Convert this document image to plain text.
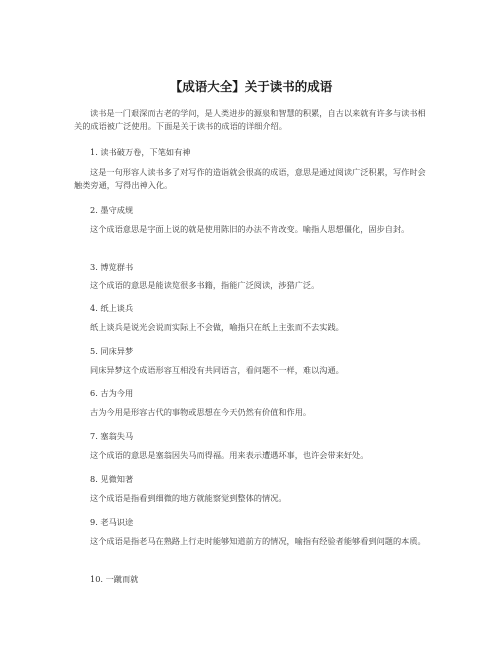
【成语大全】关于读书的成语

读书是一门艰深而古老的学问，是人类进步的源泉和智慧的积累，自古以来就有许多与读书相关的成语被广泛使用。下面是关于读书的成语的详细介绍。

1. 读书破万卷，下笔如有神

这是一句形容人读书多了对写作的造诣就会很高的成语，意思是通过阅读广泛积累，写作时会触类旁通，写得出神入化。

2. 墨守成规

这个成语意思是字面上说的就是使用陈旧的办法不肯改变。喻指人思想僵化，固步自封。

3. 博览群书

这个成语的意思是能读览很多书籍，指能广泛阅读，涉猎广泛。

4. 纸上谈兵

纸上谈兵是说光会说而实际上不会做，喻指只在纸上主张而不去实践。

5. 同床异梦

同床异梦这个成语形容互相没有共同语言，看问题不一样，难以沟通。

6. 古为今用

古为今用是形容古代的事物或思想在今天仍然有价值和作用。

7. 塞翁失马

这个成语的意思是塞翁因失马而得福。用来表示遭遇坏事，也许会带来好处。

8. 见微知著

这个成语是指看到细微的地方就能察觉到整体的情况。

9. 老马识途

这个成语是指老马在熟路上行走时能够知道前方的情况，喻指有经验者能够看到问题的本质。

10. 一蹴而就
